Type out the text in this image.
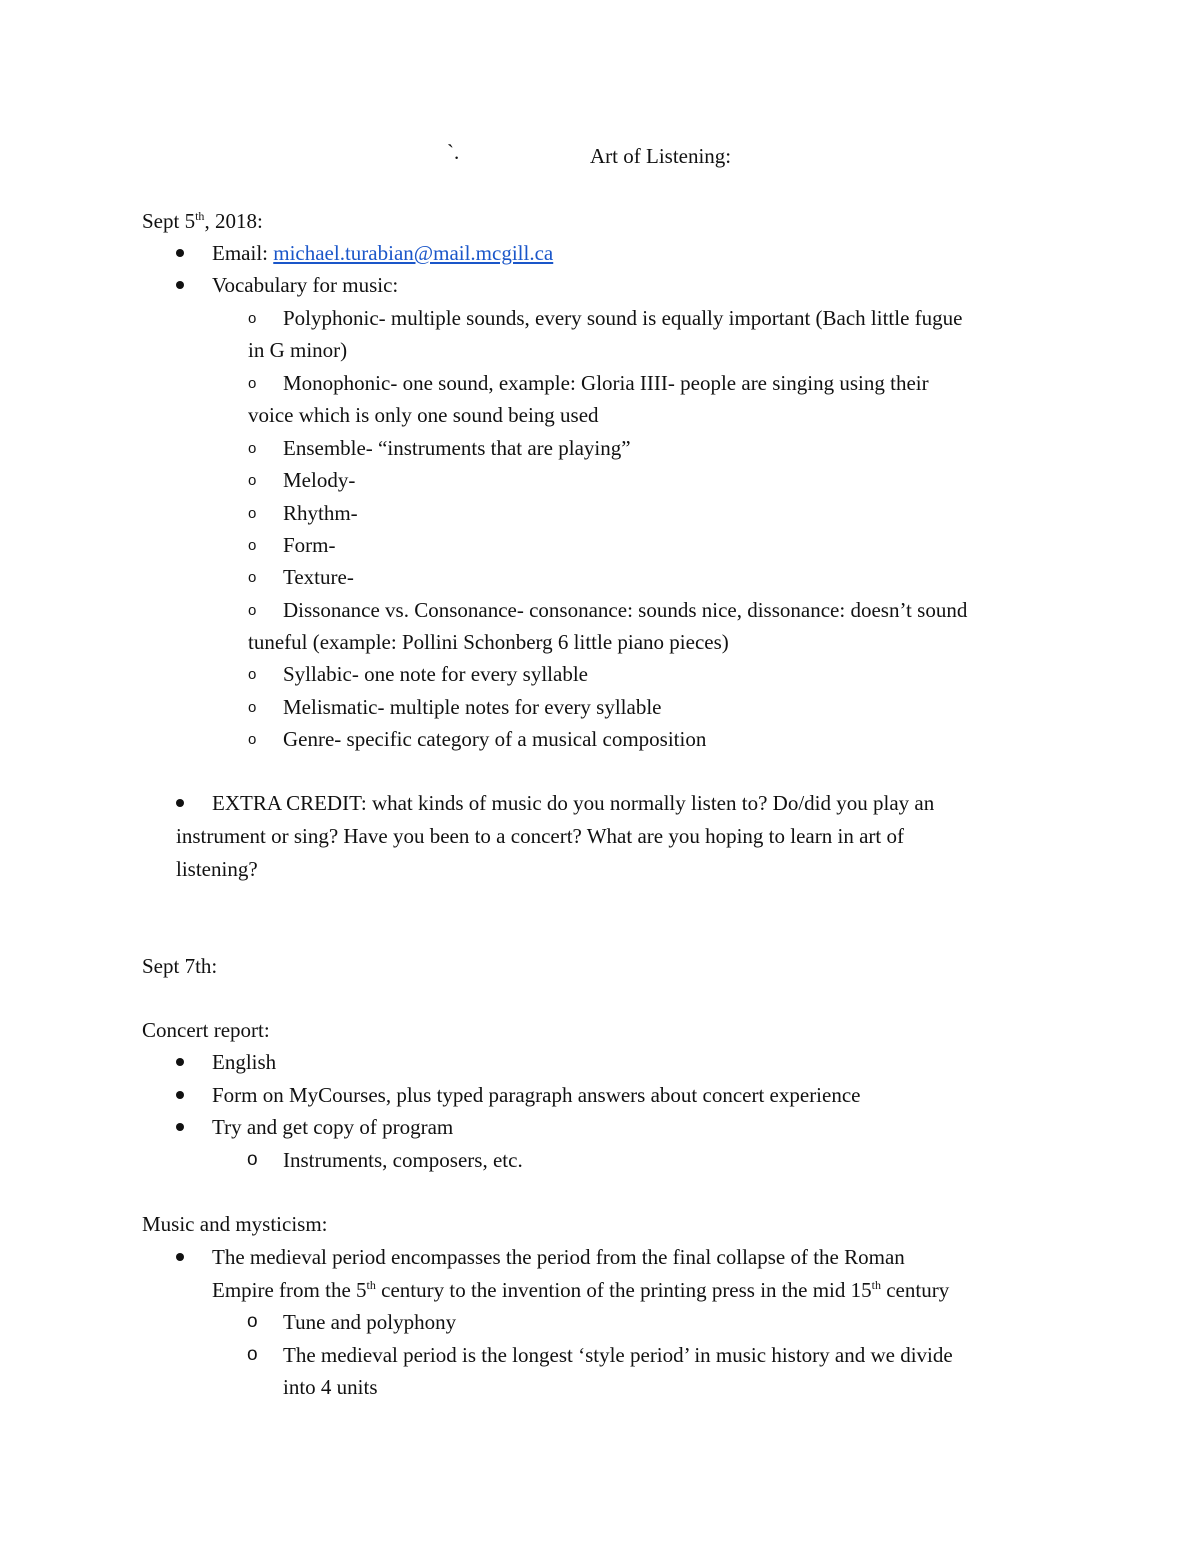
`.	Art of Listening:
Sept 5th, 2018:
Email: michael.turabian@mail.mcgill.ca
Vocabulary for music:
o Polyphonic- multiple sounds, every sound is equally important (Bach little fugue
in G minor)
o Monophonic- one sound, example: Gloria IIII- people are singing using their
voice which is only one sound being used
o Ensemble- “instruments that are playing”
o Melody-
o Rhythm-
o Form-
o Texture-
o Dissonance vs. Consonance- consonance: sounds nice, dissonance: doesn’t sound
tuneful (example: Pollini Schonberg 6 little piano pieces)
o Syllabic- one note for every syllable
o Melismatic- multiple notes for every syllable
o Genre- specific category of a musical composition
EXTRA CREDIT: what kinds of music do you normally listen to? Do/did you play an
instrument or sing? Have you been to a concert? What are you hoping to learn in art of
listening?
Sept 7th:
Concert report:
English
Form on MyCourses, plus typed paragraph answers about concert experience
Try and get copy of program
o Instruments, composers, etc.
Music and mysticism:
The medieval period encompasses the period from the final collapse of the Roman
Empire from the 5th century to the invention of the printing press in the mid 15th century
o Tune and polyphony
o The medieval period is the longest ‘style period’ in music history and we divide
into 4 units
